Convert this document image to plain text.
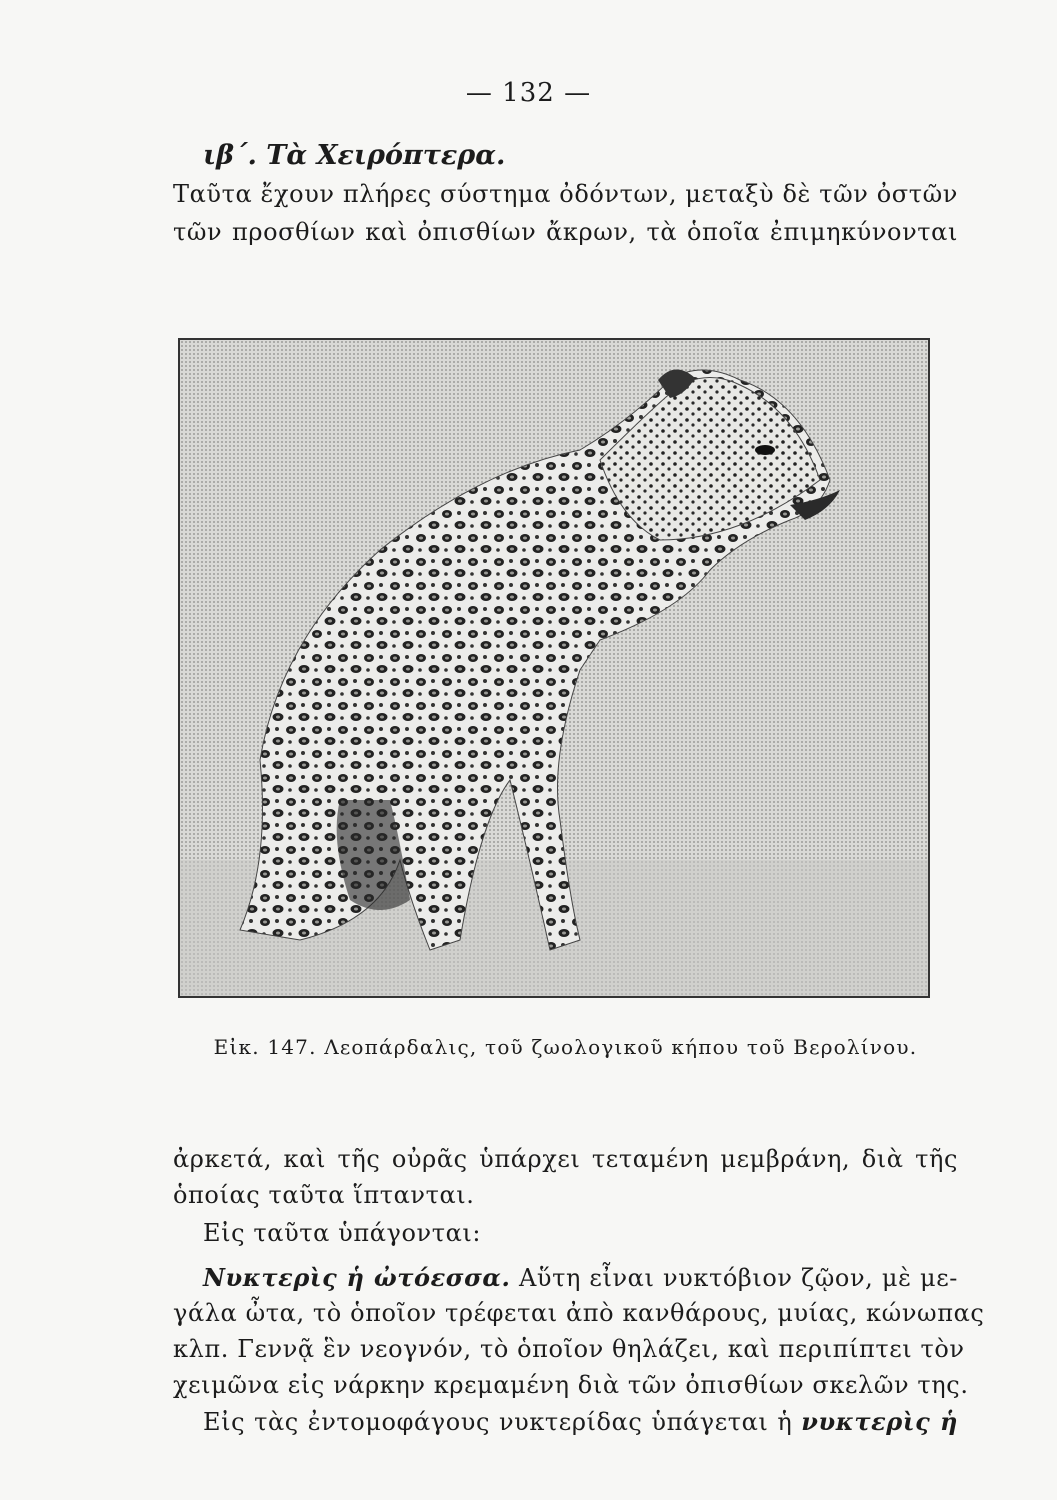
— 132 —
ιβ΄. Τὰ Χειρόπτερα.
Ταῦτα ἔχουν πλήρες σύστημα ὀδόντων, μεταξὺ δὲ τῶν ὀστῶν
τῶν προσθίων καὶ ὀπισθίων ἄκρων, τὰ ὁποῖα ἐπιμηκύνονται
Εἰκ. 147. Λεοπάρδαλις, τοῦ ζωολογικοῦ κήπου τοῦ Βερολίνου.
ἀρκετά, καὶ τῆς οὐρᾶς ὑπάρχει τεταμένη μεμβράνη, διὰ τῆς
ὁποίας ταῦτα ἵπτανται.
Εἰς ταῦτα ὑπάγονται:
Νυκτερὶς ἡ ὠτόεσσα. Αὕτη εἶναι νυκτόβιον ζῷον, μὲ με-
γάλα ὦτα, τὸ ὁποῖον τρέφεται ἀπὸ κανθάρους, μυίας, κώνωπας
κλπ. Γεννᾷ ἓν νεογνόν, τὸ ὁποῖον θηλάζει, καὶ περιπίπτει τὸν
χειμῶνα εἰς νάρκην κρεμαμένη διὰ τῶν ὀπισθίων σκελῶν της.
Εἰς τὰς ἐντομοφάγους νυκτερίδας ὑπάγεται ἡ νυκτερὶς ἡ
